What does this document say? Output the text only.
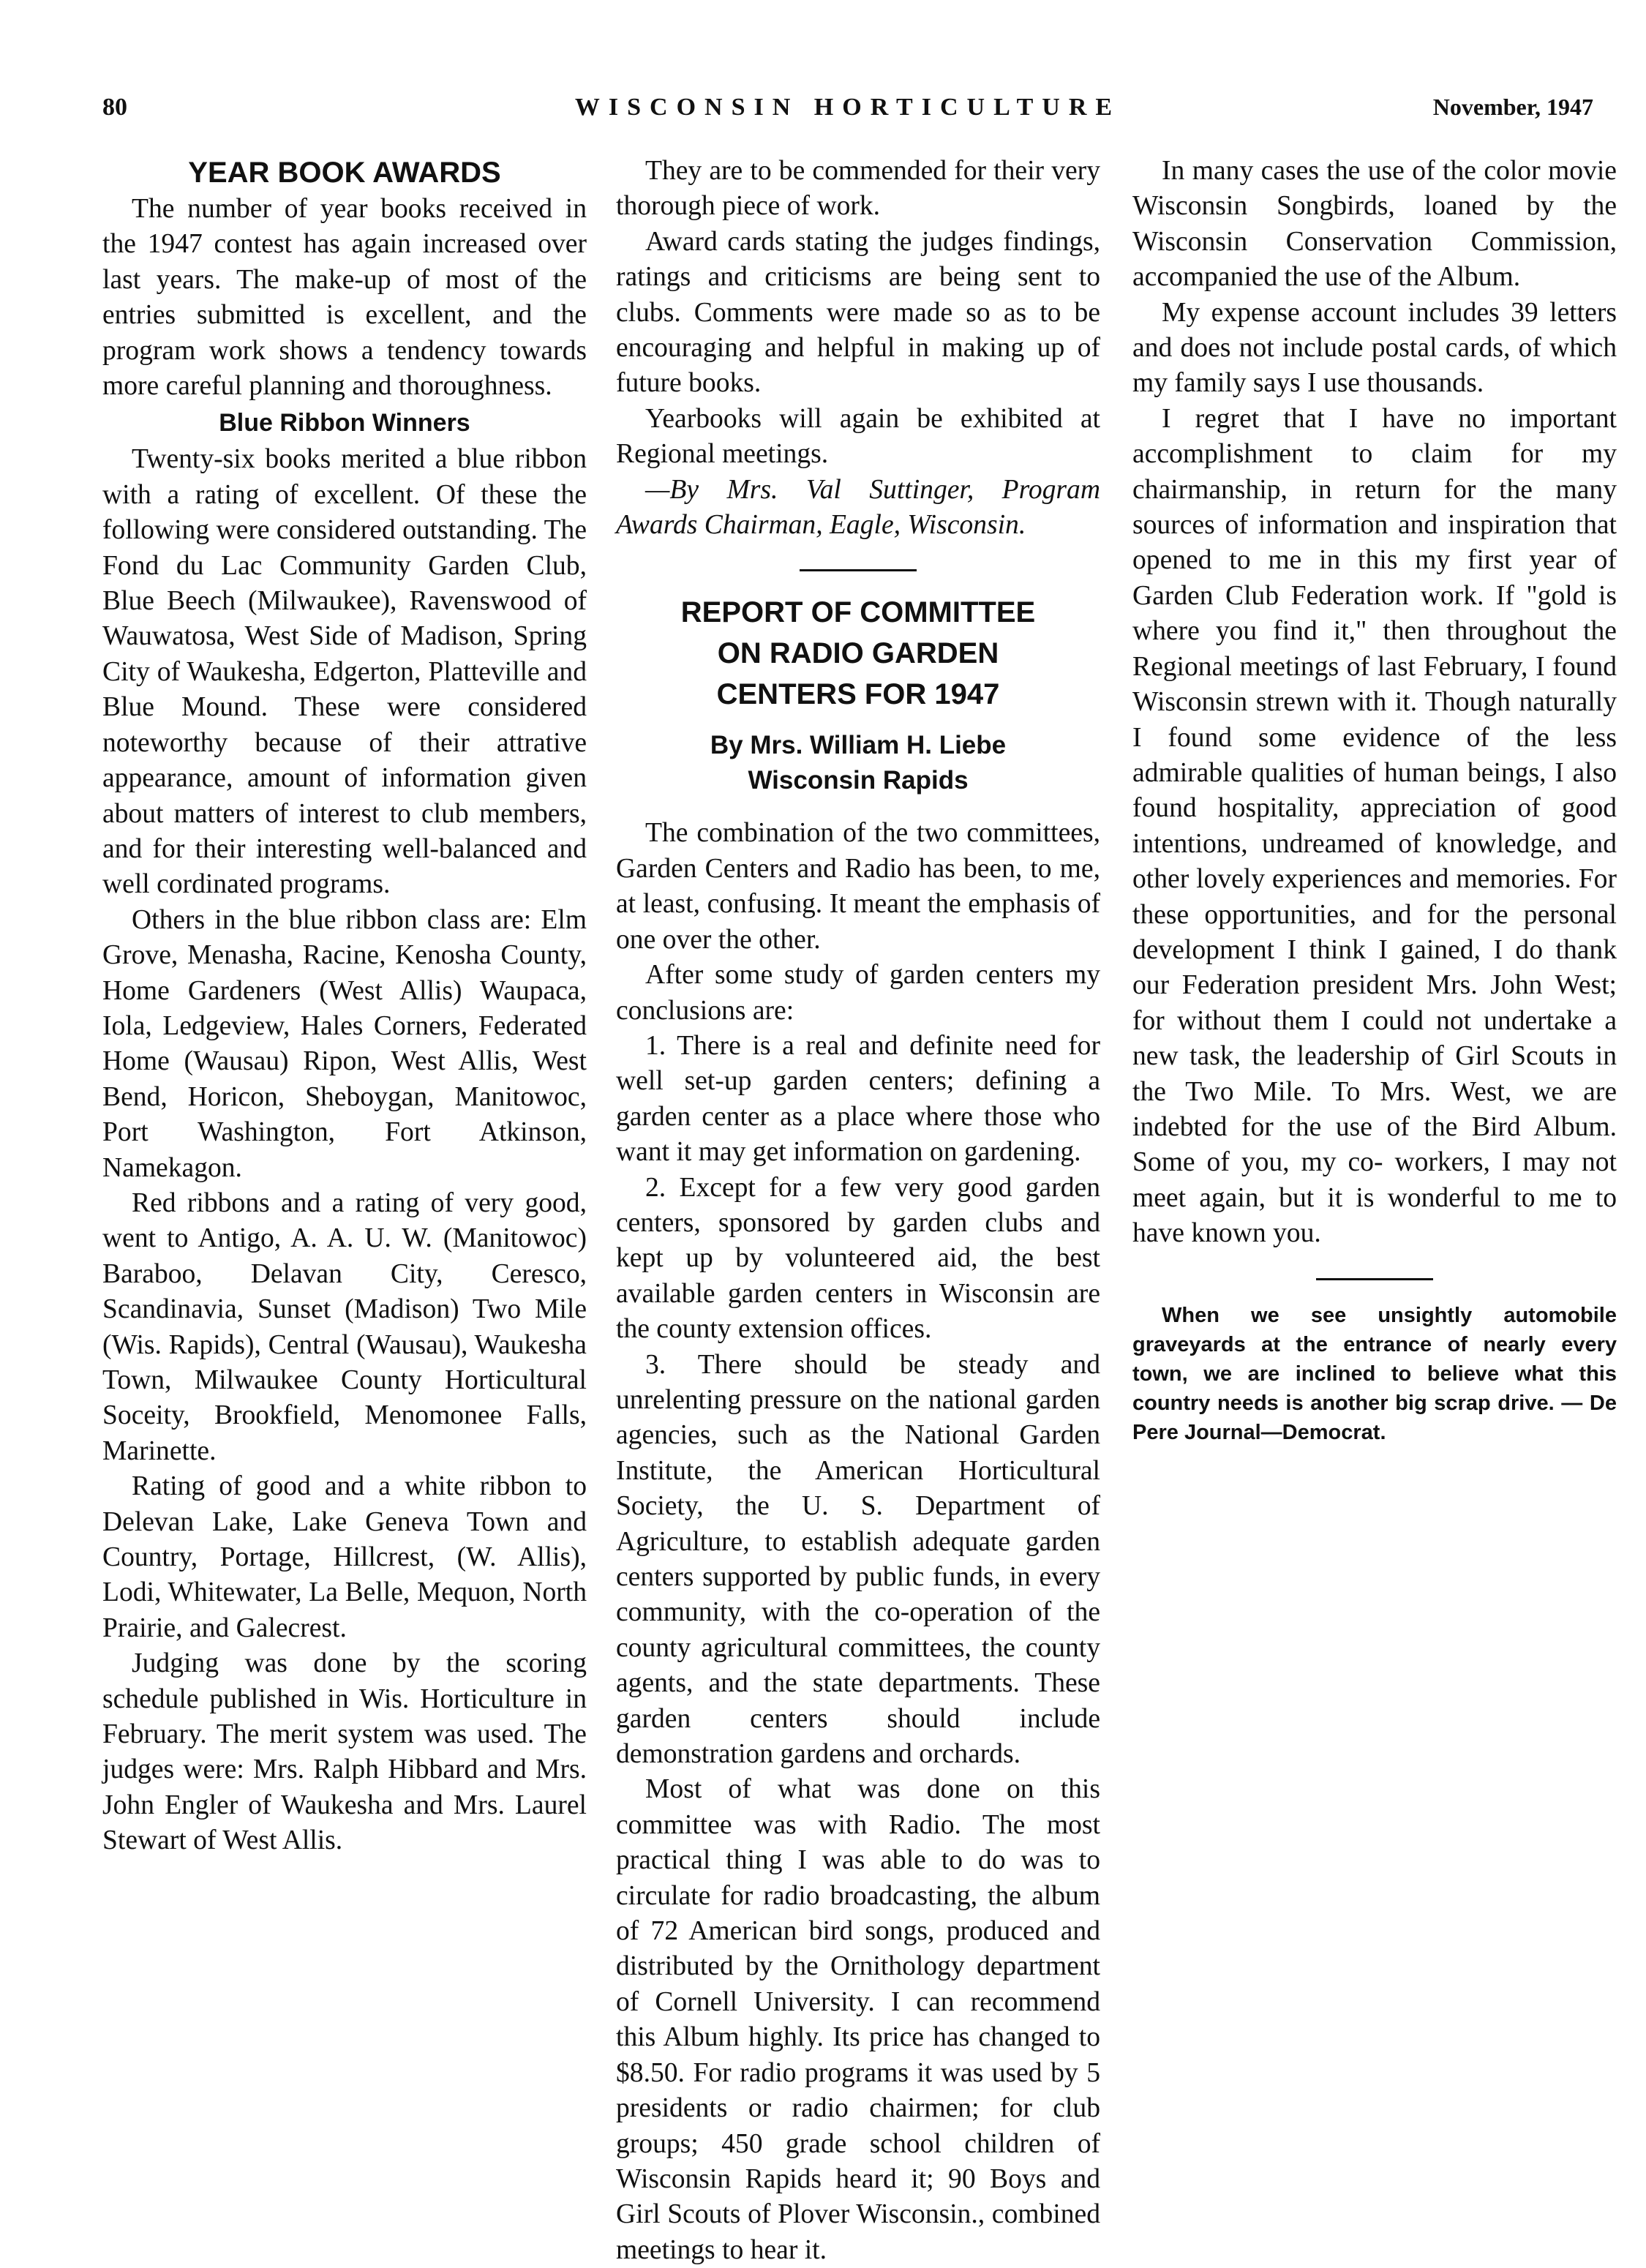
80	WISCONSIN HORTICULTURE	November, 1947
YEAR BOOK AWARDS

The number of year books received in the 1947 contest has again increased over last years. The make-up of most of the entries submitted is excellent, and the program work shows a tendency towards more careful planning and thoroughness.

Blue Ribbon Winners

Twenty-six books merited a blue ribbon with a rating of excellent. Of these the following were considered outstanding. The Fond du Lac Community Garden Club, Blue Beech (Milwaukee), Ravenswood of Wauwatosa, West Side of Madison, Spring City of Waukesha, Edgerton, Platteville and Blue Mound. These were considered noteworthy because of their attrative appearance, amount of information given about matters of interest to club members, and for their interesting well-balanced and well cordinated programs.

Others in the blue ribbon class are: Elm Grove, Menasha, Racine, Kenosha County, Home Gardeners (West Allis) Waupaca, Iola, Ledgeview, Hales Corners, Federated Home (Wausau) Ripon, West Allis, West Bend, Horicon, Sheboygan, Manitowoc, Port Washington, Fort Atkinson, Namekagon.

Red ribbons and a rating of very good, went to Antigo, A. A. U. W. (Manitowoc) Baraboo, Delavan City, Ceresco, Scandinavia, Sunset (Madison) Two Mile (Wis. Rapids), Central (Wausau), Waukesha Town, Milwaukee County Horticultural Soceity, Brookfield, Menomonee Falls, Marinette.

Rating of good and a white ribbon to Delevan Lake, Lake Geneva Town and Country, Portage, Hillcrest, (W. Allis), Lodi, Whitewater, La Belle, Mequon, North Prairie, and Galecrest.

Judging was done by the scoring schedule published in Wis. Horticulture in February. The merit system was used. The judges were: Mrs. Ralph Hibbard and Mrs. John Engler of Waukesha and Mrs. Laurel Stewart of West Allis.

They are to be commended for their very thorough piece of work.

Award cards stating the judges findings, ratings and criticisms are being sent to clubs. Comments were made so as to be encouraging and helpful in making up of future books.

Yearbooks will again be exhibited at Regional meetings.

—By Mrs. Val Suttinger, Program Awards Chairman, Eagle, Wisconsin.

REPORT OF COMMITTEE
ON RADIO GARDEN
CENTERS FOR 1947
By Mrs. William H. Liebe
Wisconsin Rapids

The combination of the two committees, Garden Centers and Radio has been, to me, at least, confusing. It meant the emphasis of one over the other.

After some study of garden centers my conclusions are:

1. There is a real and definite need for well set-up garden centers; defining a garden center as a place where those who want it may get information on gardening.

2. Except for a few very good garden centers, sponsored by garden clubs and kept up by volunteered aid, the best available garden centers in Wisconsin are the county extension offices.

3. There should be steady and unrelenting pressure on the national garden agencies, such as the National Garden Institute, the American Horticultural Society, the U. S. Department of Agriculture, to establish adequate garden centers supported by public funds, in every community, with the co-operation of the county agricultural committees, the county agents, and the state departments. These garden centers should include demonstration gardens and orchards.

Most of what was done on this committee was with Radio. The most practical thing I was able to do was to circulate for radio broadcasting, the album of 72 American bird songs, produced and distributed by the Ornithology department of Cornell University. I can recommend this Album highly. Its price has changed to $8.50. For radio programs it was used by 5 presidents or radio chairmen; for club groups; 450 grade school children of Wisconsin Rapids heard it; 90 Boys and Girl Scouts of Plover Wisconsin., combined meetings to hear it.

In many cases the use of the color movie Wisconsin Songbirds, loaned by the Wisconsin Conservation Commission, accompanied the use of the Album.

My expense account includes 39 letters and does not include postal cards, of which my family says I use thousands.

I regret that I have no important accomplishment to claim for my chairmanship, in return for the many sources of information and inspiration that opened to me in this my first year of Garden Club Federation work. If "gold is where you find it," then throughout the Regional meetings of last February, I found Wisconsin strewn with it. Though naturally I found some evidence of the less admirable qualities of human beings, I also found hospitality, appreciation of good intentions, undreamed of knowledge, and other lovely experiences and memories. For these opportunities, and for the personal development I think I gained, I do thank our Federation president Mrs. John West; for without them I could not undertake a new task, the leadership of Girl Scouts in the Two Mile. To Mrs. West, we are indebted for the use of the Bird Album. Some of you, my co- workers, I may not meet again, but it is wonderful to me to have known you.

When we see unsightly automobile graveyards at the entrance of nearly every town, we are inclined to believe what this country needs is another big scrap drive. — De Pere Journal—Democrat.
